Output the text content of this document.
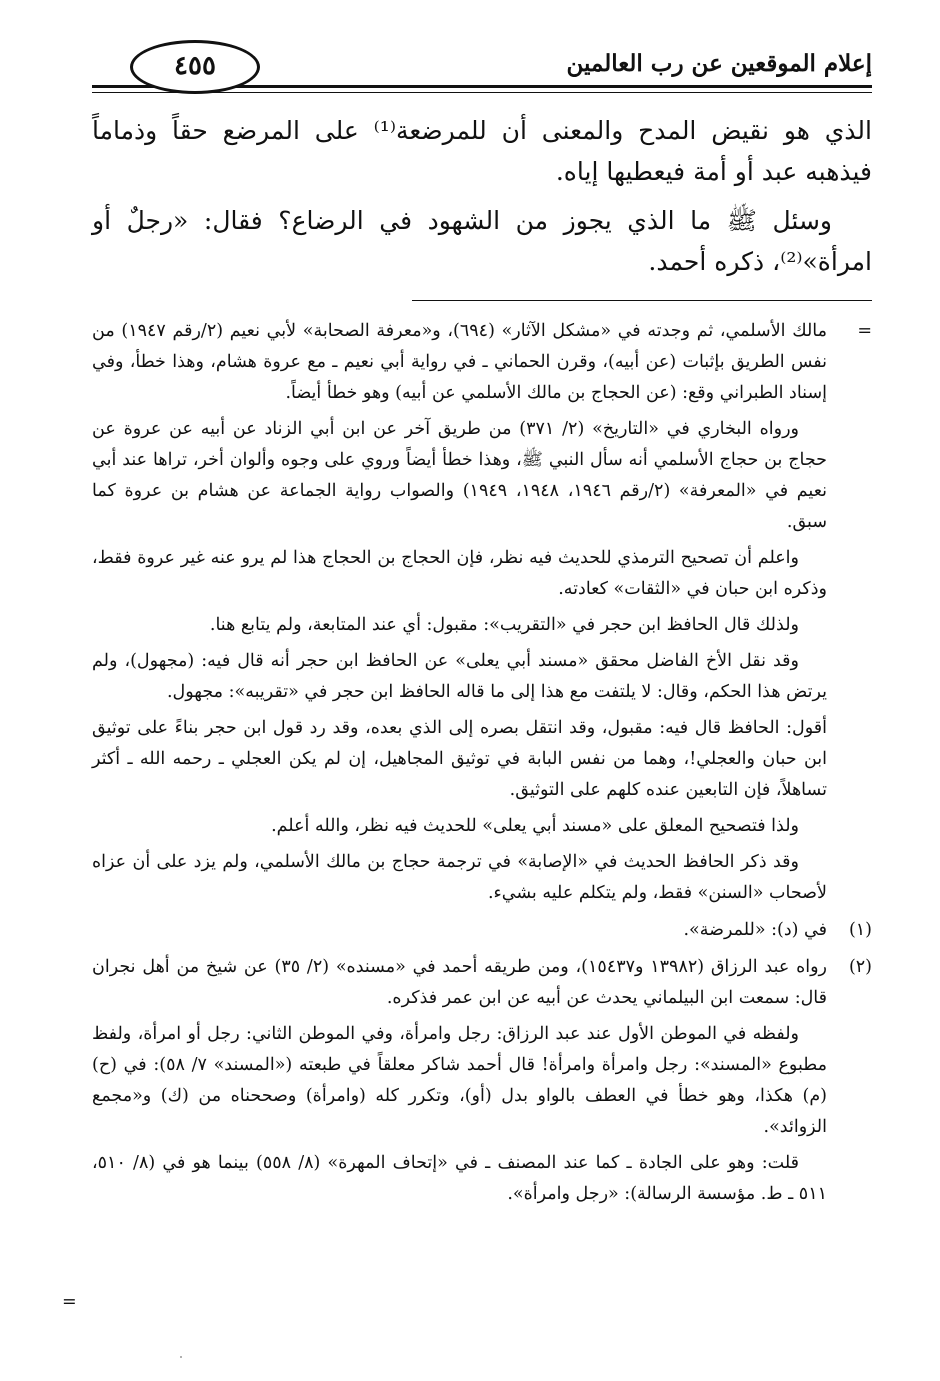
٤٥٥	إعلام الموقعين عن رب العالمين

الذي هو نقيض المدح والمعنى أن للمرضعة⁽¹⁾ على المرضع حقاً وذماماً فيذهبه عبد أو أمة فيعطيها إياه.

وسئل ﷺ ما الذي يجوز من الشهود في الرضاع؟ فقال: «رجلٌ أو امرأة»⁽²⁾، ذكره أحمد.

=

مالك الأسلمي، ثم وجدته في «مشكل الآثار» (٦٩٤)، و«معرفة الصحابة» لأبي نعيم (٢/رقم ١٩٤٧) من نفس الطريق بإثبات (عن أبيه)، وقرن الحماني ـ في رواية أبي نعيم ـ مع عروة هشام، وهذا خطأ، وفي إسناد الطبراني وقع: (عن الحجاج بن مالك الأسلمي عن أبيه) وهو خطأ أيضاً.

ورواه البخاري في «التاريخ» (٢/ ٣٧١) من طريق آخر عن ابن أبي الزناد عن أبيه عن عروة عن حجاج بن حجاج الأسلمي أنه سأل النبي ﷺ، وهذا خطأ أيضاً وروي على وجوه وألوان أخر، تراها عند أبي نعيم في «المعرفة» (٢/رقم ١٩٤٦، ١٩٤٨، ١٩٤٩) والصواب رواية الجماعة عن هشام بن عروة كما سبق.

واعلم أن تصحيح الترمذي للحديث فيه نظر، فإن الحجاج بن الحجاج هذا لم يرو عنه غير عروة فقط، وذكره ابن حبان في «الثقات» كعادته.

ولذلك قال الحافظ ابن حجر في «التقريب»: مقبول: أي عند المتابعة، ولم يتابع هنا.

وقد نقل الأخ الفاضل محقق «مسند أبي يعلى» عن الحافظ ابن حجر أنه قال فيه: (مجهول)، ولم يرتض هذا الحكم، وقال: لا يلتفت مع هذا إلى ما قاله الحافظ ابن حجر في «تقريبه»: مجهول.

أقول: الحافظ قال فيه: مقبول، وقد انتقل بصره إلى الذي بعده، وقد رد قول ابن حجر بناءً على توثيق ابن حبان والعجلي!، وهما من نفس البابة في توثيق المجاهيل، إن لم يكن العجلي ـ رحمه الله ـ أكثر تساهلاً، فإن التابعين عنده كلهم على التوثيق.

ولذا فتصحيح المعلق على «مسند أبي يعلى» للحديث فيه نظر، والله أعلم.

وقد ذكر الحافظ الحديث في «الإصابة» في ترجمة حجاج بن مالك الأسلمي، ولم يزد على أن عزاه لأصحاب «السنن» فقط، ولم يتكلم عليه بشيء.

(١)

في (د): «للمرضة».

(٢)

رواه عبد الرزاق (١٣٩٨٢ و١٥٤٣٧)، ومن طريقه أحمد في «مسنده» (٢/ ٣٥) عن شيخ من أهل نجران قال: سمعت ابن البيلماني يحدث عن أبيه عن ابن عمر فذكره.

ولفظه في الموطن الأول عند عبد الرزاق: رجل وامرأة، وفي الموطن الثاني: رجل أو امرأة، ولفظ مطبوع «المسند»: رجل وامرأة وامرأة! قال أحمد شاكر معلقاً في طبعته («المسند» ٧/ ٥٨): في (ح) (م) هكذا، وهو خطأ في العطف بالواو بدل (أو)، وتكرر كله (وامرأة) وصححناه من (ك) و«مجمع الزوائد».

قلت: وهو على الجادة ـ كما عند المصنف ـ في «إتحاف المهرة» (٨/ ٥٥٨) بينما هو في (٨/ ٥١٠، ٥١١ ـ ط. مؤسسة الرسالة): «رجل وامرأة».

=
